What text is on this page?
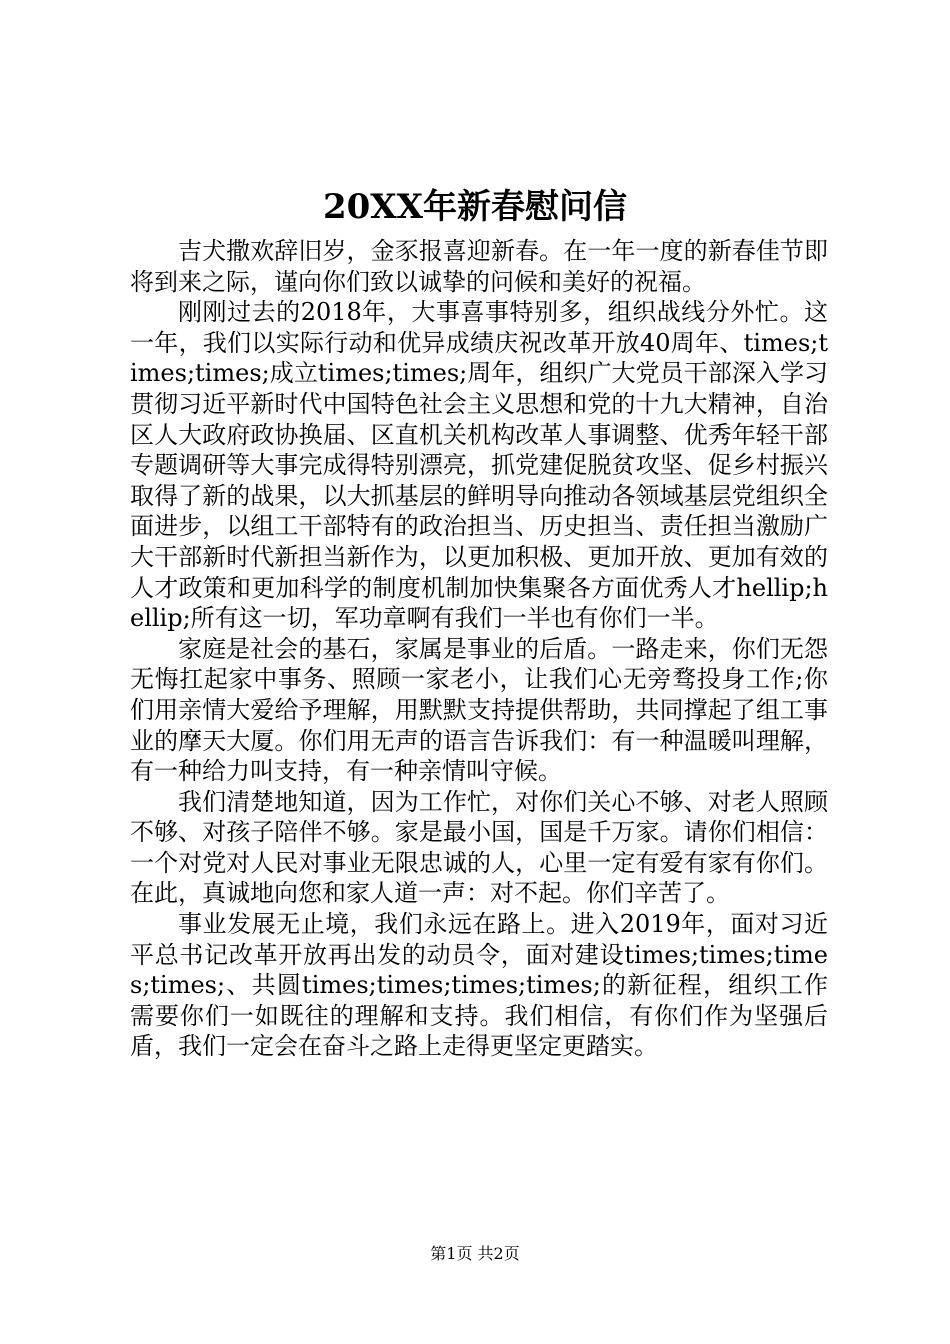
20XX年新春慰问信

吉犬撒欢辞旧岁，金豕报喜迎新春。在一年一度的新春佳节即将到来之际，谨向你们致以诚挚的问候和美好的祝福。

刚刚过去的2018年，大事喜事特别多，组织战线分外忙。这一年，我们以实际行动和优异成绩庆祝改革开放40周年、times;times;times;成立times;times;周年，组织广大党员干部深入学习贯彻习近平新时代中国特色社会主义思想和党的十九大精神，自治区人大政府政协换届、区直机关机构改革人事调整、优秀年轻干部专题调研等大事完成得特别漂亮，抓党建促脱贫攻坚、促乡村振兴取得了新的战果，以大抓基层的鲜明导向推动各领域基层党组织全面进步，以组工干部特有的政治担当、历史担当、责任担当激励广大干部新时代新担当新作为，以更加积极、更加开放、更加有效的人才政策和更加科学的制度机制加快集聚各方面优秀人才hellip;hellip;所有这一切，军功章啊有我们一半也有你们一半。

家庭是社会的基石，家属是事业的后盾。一路走来，你们无怨无悔扛起家中事务、照顾一家老小，让我们心无旁骛投身工作;你们用亲情大爱给予理解，用默默支持提供帮助，共同撑起了组工事业的摩天大厦。你们用无声的语言告诉我们：有一种温暖叫理解，有一种给力叫支持，有一种亲情叫守候。

我们清楚地知道，因为工作忙，对你们关心不够、对老人照顾不够、对孩子陪伴不够。家是最小国，国是千万家。请你们相信：一个对党对人民对事业无限忠诚的人，心里一定有爱有家有你们。在此，真诚地向您和家人道一声：对不起。你们辛苦了。

事业发展无止境，我们永远在路上。进入2019年，面对习近平总书记改革开放再出发的动员令，面对建设times;times;times;times;、共圆times;times;times;times;的新征程，组织工作需要你们一如既往的理解和支持。我们相信，有你们作为坚强后盾，我们一定会在奋斗之路上走得更坚定更踏实。

第1页 共2页
